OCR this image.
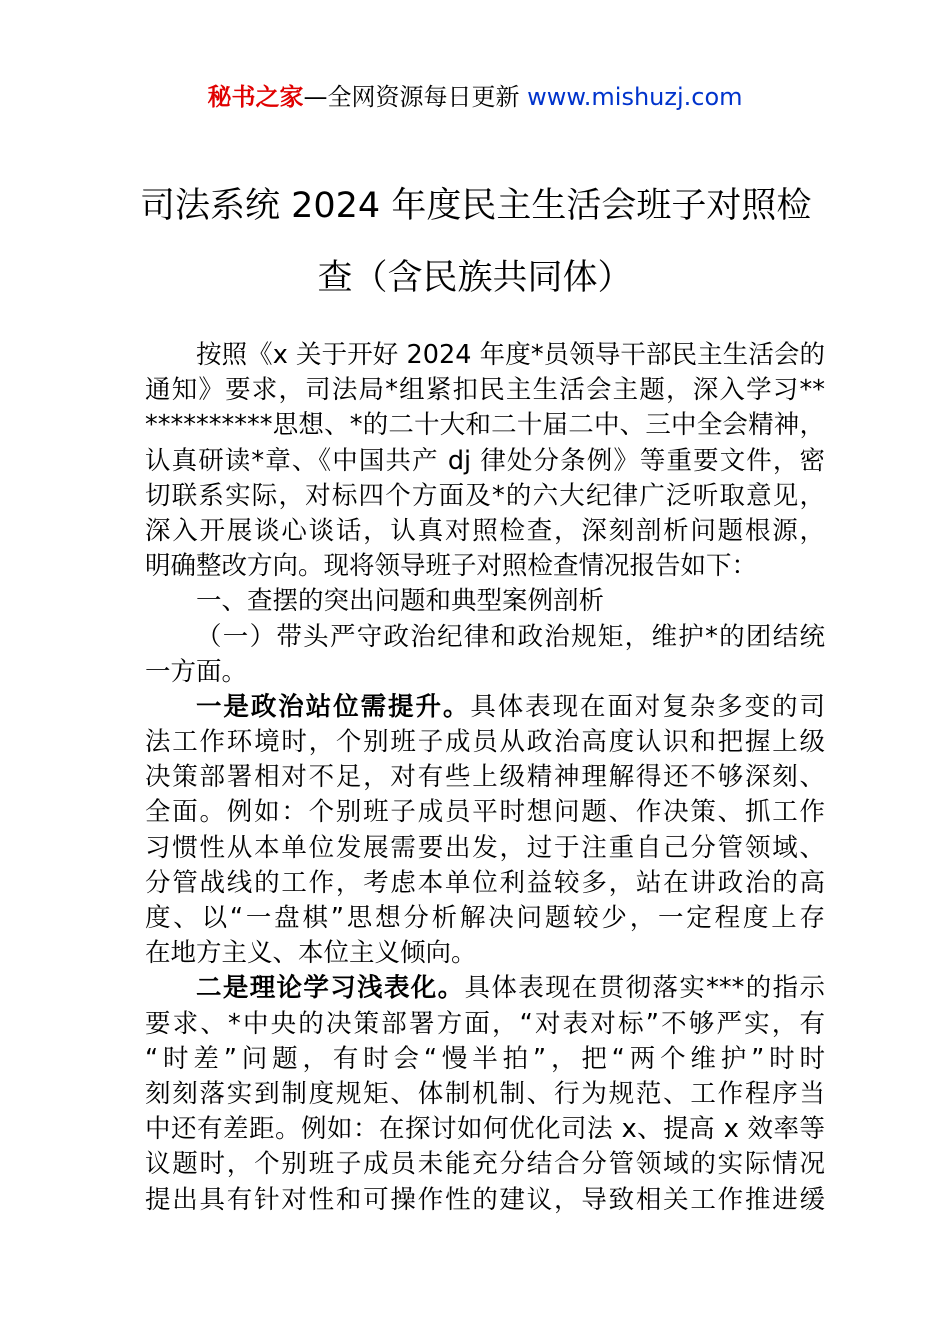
秘书之家—全网资源每日更新 www.mishuzj.com
司法系统 2024 年度民主生活会班子对照检
查（含民族共同体）
按照《x 关于开好 2024 年度*员领导干部民主生活会的
通知》要求，司法局*组紧扣民主生活会主题，深入学习**
**********思想、*的二十大和二十届二中、三中全会精神，
认真研读*章、《中国共产 dj 律处分条例》等重要文件，密
切联系实际，对标四个方面及*的六大纪律广泛听取意见，
深入开展谈心谈话，认真对照检查，深刻剖析问题根源，
明确整改方向。现将领导班子对照检查情况报告如下：
一、查摆的突出问题和典型案例剖析
（一）带头严守政治纪律和政治规矩，维护*的团结统
一方面。
一是政治站位需提升。具体表现在面对复杂多变的司
法工作环境时，个别班子成员从政治高度认识和把握上级
决策部署相对不足，对有些上级精神理解得还不够深刻、
全面。例如：个别班子成员平时想问题、作决策、抓工作
习惯性从本单位发展需要出发，过于注重自己分管领域、
分管战线的工作，考虑本单位利益较多，站在讲政治的高
度、以“一盘棋”思想分析解决问题较少，一定程度上存
在地方主义、本位主义倾向。
二是理论学习浅表化。具体表现在贯彻落实***的指示
要求、*中央的决策部署方面，“对表对标”不够严实，有
“时差”问题，有时会“慢半拍”，把“两个维护”时时
刻刻落实到制度规矩、体制机制、行为规范、工作程序当
中还有差距。例如：在探讨如何优化司法 x、提高 x 效率等
议题时，个别班子成员未能充分结合分管领域的实际情况
提出具有针对性和可操作性的建议，导致相关工作推进缓
